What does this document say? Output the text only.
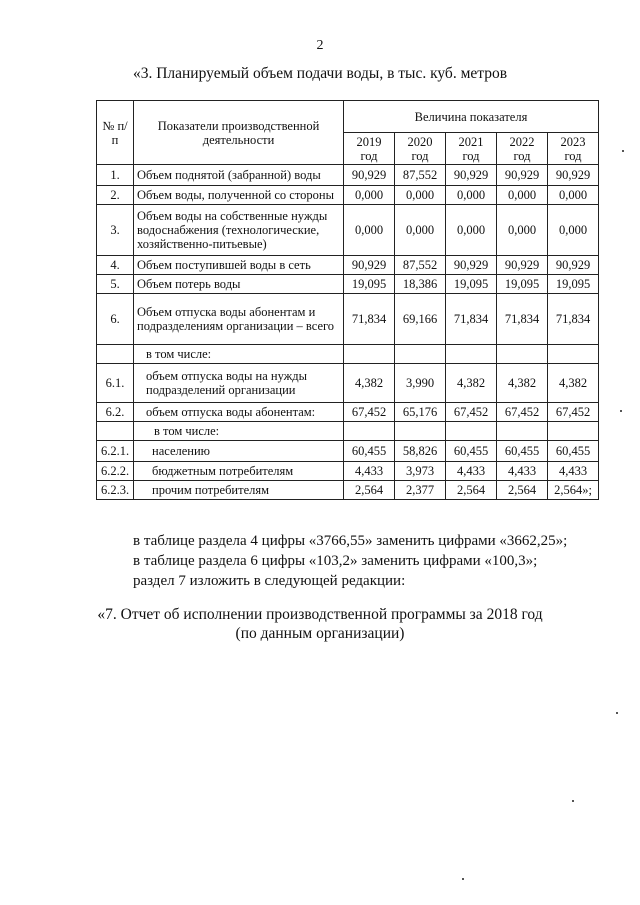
2
«3. Планируемый объем подачи воды, в тыс. куб. метров
№ п/п	Показатели производственной деятельности	Величина показателя				
		2019 год	2020 год	2021 год	2022 год	2023 год
1.	Объем поднятой (забранной) воды	90,929	87,552	90,929	90,929	90,929
2.	Объем воды, полученной со стороны	0,000	0,000	0,000	0,000	0,000
3.	Объем воды на собственные нужды водоснабжения (технологические, хозяйственно-питьевые)	0,000	0,000	0,000	0,000	0,000
4.	Объем поступившей воды в сеть	90,929	87,552	90,929	90,929	90,929
5.	Объем потерь воды	19,095	18,386	19,095	19,095	19,095
6.	Объем отпуска воды абонентам и подразделениям организации – всего	71,834	69,166	71,834	71,834	71,834
	в том числе:					
6.1.	объем отпуска воды на нужды подразделений организации	4,382	3,990	4,382	4,382	4,382
6.2.	объем отпуска воды абонентам:	67,452	65,176	67,452	67,452	67,452
	в том числе:					
6.2.1.	населению	60,455	58,826	60,455	60,455	60,455
6.2.2.	бюджетным потребителям	4,433	3,973	4,433	4,433	4,433
6.2.3.	прочим потребителям	2,564	2,377	2,564	2,564	2,564»;
в таблице раздела 4 цифры «3766,55» заменить цифрами «3662,25»;
в таблице раздела 6 цифры «103,2» заменить цифрами «100,3»;
раздел 7 изложить в следующей редакции:
«7. Отчет об исполнении производственной программы за 2018 год
(по данным организации)
